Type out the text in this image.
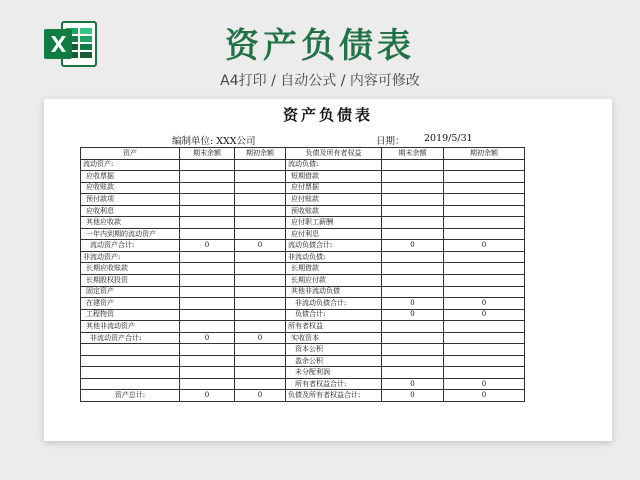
资产负债表
A4打印 / 自动公式 / 内容可修改
资产负债表
编制单位: XXX公司	日期： 2019/5/31
资产	期末余额	期初余额	负债及所有者权益	期末余额	期初余额
流动资产:			流动负债:		
应收票据			短期借款		
应收账款			应付票据		
预付款项			应付账款		
应收利息			预收账款		
其他应收款			应付职工薪酬		
一年内到期的流动资产			应付利息		
流动资产合计:	0	0	流动负债合计:	0	0
非流动资产:			非流动负债:		
长期应收账款			长期借款		
长期股权投资			长期应付款		
固定资产			其他非流动负债		
在建资产			非流动负债合计:	0	0
工程物资			负债合计:	0	0
其他非流动资产			所有者权益		
非流动资产合计:	0	0	实收资本		
			资本公积		
			盈余公积		
			未分配利润		
			所有者权益合计:	0	0
资产总计:	0	0	负债及所有者权益合计:	0	0
